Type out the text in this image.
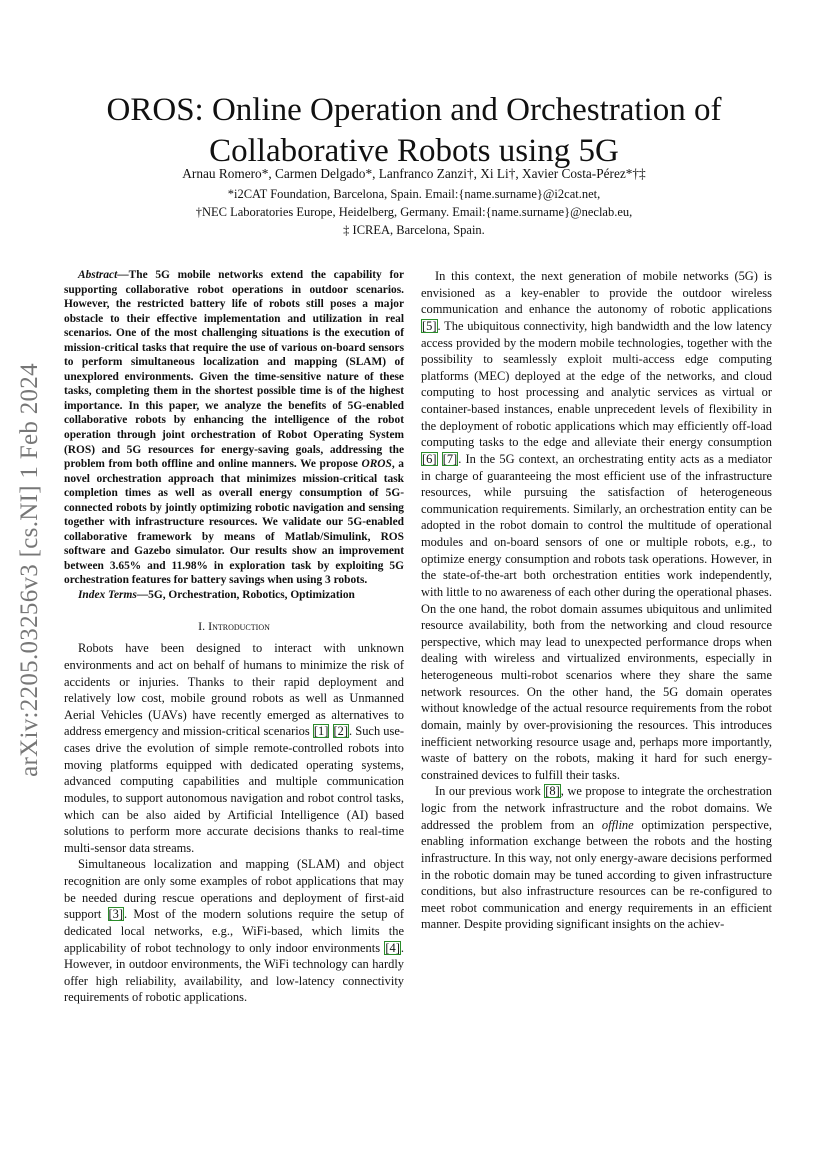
OROS: Online Operation and Orchestration of Collaborative Robots using 5G
Arnau Romero*, Carmen Delgado*, Lanfranco Zanzi†, Xi Li†, Xavier Costa-Pérez*†‡
*i2CAT Foundation, Barcelona, Spain. Email:{name.surname}@i2cat.net,
†NEC Laboratories Europe, Heidelberg, Germany. Email:{name.surname}@neclab.eu,
‡ ICREA, Barcelona, Spain.
arXiv:2205.03256v3 [cs.NI] 1 Feb 2024

Abstract—The 5G mobile networks extend the capability for supporting collaborative robot operations in outdoor scenarios. However, the restricted battery life of robots still poses a major obstacle to their effective implementation and utilization in real scenarios. One of the most challenging situations is the execution of mission-critical tasks that require the use of various on-board sensors to perform simultaneous localization and mapping (SLAM) of unexplored environments. Given the time-sensitive nature of these tasks, completing them in the shortest possible time is of the highest importance. In this paper, we analyze the benefits of 5G-enabled collaborative robots by enhancing the intelligence of the robot operation through joint orchestration of Robot Operating System (ROS) and 5G resources for energy-saving goals, addressing the problem from both offline and online manners. We propose OROS, a novel orchestration approach that minimizes mission-critical task completion times as well as overall energy consumption of 5G-connected robots by jointly optimizing robotic navigation and sensing together with infrastructure resources. We validate our 5G-enabled collaborative framework by means of Matlab/Simulink, ROS software and Gazebo simulator. Our results show an improvement between 3.65% and 11.98% in exploration task by exploiting 5G orchestration features for battery savings when using 3 robots.

Index Terms—5G, Orchestration, Robotics, Optimization

I. Introduction

Robots have been designed to interact with unknown environments and act on behalf of humans to minimize the risk of accidents or injuries. Thanks to their rapid deployment and relatively low cost, mobile ground robots as well as Unmanned Aerial Vehicles (UAVs) have recently emerged as alternatives to address emergency and mission-critical scenarios [1] [2]. Such use-cases drive the evolution of simple remote-controlled robots into moving platforms equipped with dedicated operating systems, advanced computing capabilities and multiple communication modules, to support autonomous navigation and robot control tasks, which can be also aided by Artificial Intelligence (AI) based solutions to perform more accurate decisions thanks to real-time multi-sensor data streams.

Simultaneous localization and mapping (SLAM) and object recognition are only some examples of robot applications that may be needed during rescue operations and deployment of first-aid support [3]. Most of the modern solutions require the setup of dedicated local networks, e.g., WiFi-based, which limits the applicability of robot technology to only indoor environments [4]. However, in outdoor environments, the WiFi technology can hardly offer high reliability, availability, and low-latency connectivity requirements of robotic applications.

In this context, the next generation of mobile networks (5G) is envisioned as a key-enabler to provide the outdoor wireless communication and enhance the autonomy of robotic applications [5]. The ubiquitous connectivity, high bandwidth and the low latency access provided by the modern mobile technologies, together with the possibility to seamlessly exploit multi-access edge computing platforms (MEC) deployed at the edge of the networks, and cloud computing to host processing and analytic services as virtual or container-based instances, enable unprecedent levels of flexibility in the deployment of robotic applications which may efficiently off-load computing tasks to the edge and alleviate their energy consumption [6] [7]. In the 5G context, an orchestrating entity acts as a mediator in charge of guaranteeing the most efficient use of the infrastructure resources, while pursuing the satisfaction of heterogeneous communication requirements. Similarly, an orchestration entity can be adopted in the robot domain to control the multitude of operational modules and on-board sensors of one or multiple robots, e.g., to optimize energy consumption and robots task operations. However, in the state-of-the-art both orchestration entities work independently, with little to no awareness of each other during the operational phases. On the one hand, the robot domain assumes ubiquitous and unlimited resource availability, both from the networking and cloud resource perspective, which may lead to unexpected performance drops when dealing with wireless and virtualized environments, especially in heterogeneous multi-robot scenarios where they share the same network resources. On the other hand, the 5G domain operates without knowledge of the actual resource requirements from the robot domain, mainly by over-provisioning the resources. This introduces inefficient networking resource usage and, perhaps more importantly, waste of battery on the robots, making it hard for such energy-constrained devices to fulfill their tasks.

In our previous work [8], we propose to integrate the orchestration logic from the network infrastructure and the robot domains. We addressed the problem from an offline optimization perspective, enabling information exchange between the robots and the hosting infrastructure. In this way, not only energy-aware decisions performed in the robotic domain may be tuned according to given infrastructure conditions, but also infrastructure resources can be re-configured to meet robot communication and energy requirements in an efficient manner. Despite providing significant insights on the achiev-
